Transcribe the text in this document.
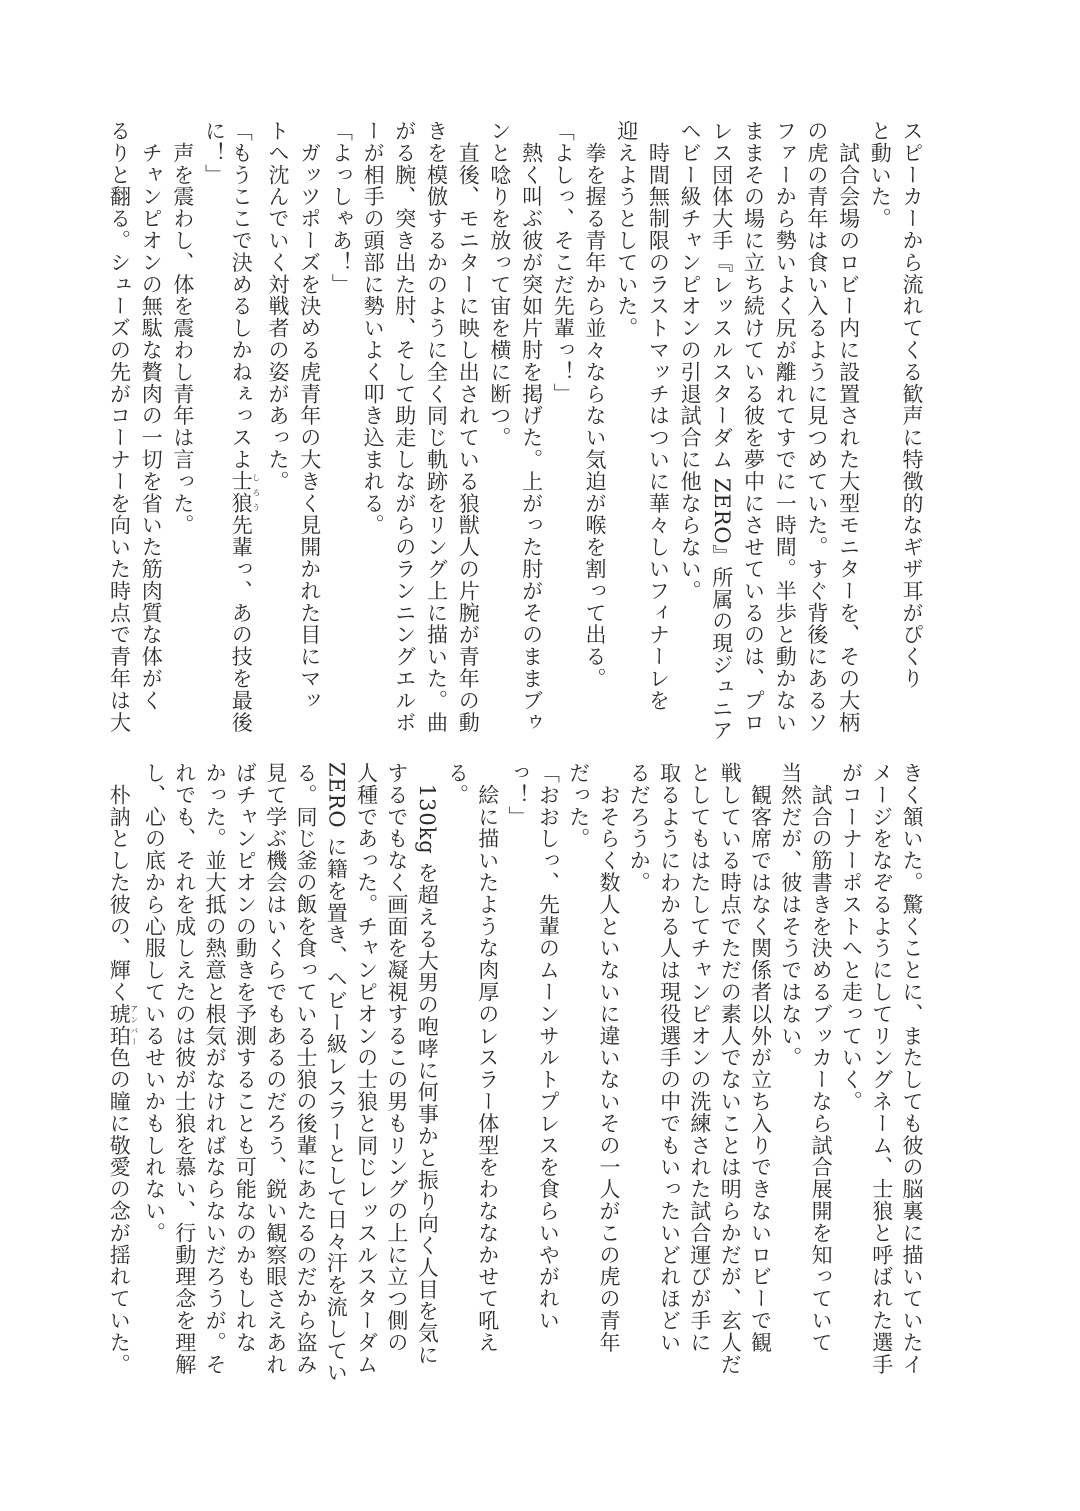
スピーカーから流れてくる歓声に特徴的なギザ耳がぴくり
と動いた。
　試合会場のロビー内に設置された大型モニターを、その大柄
の虎の青年は食い入るように見つめていた。すぐ背後にあるソ
ファーから勢いよく尻が離れてすでに一時間。半歩と動かない
ままその場に立ち続けている彼を夢中にさせているのは、プロ
レス団体大手『レッスルスターダム ZERO』所属の現ジュニア
ヘビー級チャンピオンの引退試合に他ならない。
　時間無制限のラストマッチはついに華々しいフィナーレを
迎えようとしていた。
　拳を握る青年から並々ならない気迫が喉を割って出る。
「よしっ、そこだ先輩っ！」
　熱く叫ぶ彼が突如片肘を掲げた。上がった肘がそのままブゥ
ンと唸りを放って宙を横に断つ。
　直後、モニターに映し出されている狼獣人の片腕が青年の動
きを模倣するかのように全く同じ軌跡をリング上に描いた。曲
がる腕、突き出た肘、そして助走しながらのランニングエルボ
ーが相手の頭部に勢いよく叩き込まれる。
「よっしゃあ！」
　ガッツポーズを決める虎青年の大きく見開かれた目にマッ
トへ沈んでいく対戦者の姿があった。
「もうここで決めるしかねぇっスよ士狼しろう先輩っ、あの技を最後
に！」
　声を震わし、体を震わし青年は言った。
　チャンピオンの無駄な贅肉の一切を省いた筋肉質な体がく
るりと翻る。シューズの先がコーナーを向いた時点で青年は大
きく頷いた。驚くことに、またしても彼の脳裏に描いていたイ
メージをなぞるようにしてリングネーム、士狼と呼ばれた選手
がコーナーポストへと走っていく。
　試合の筋書きを決めるブッカーなら試合展開を知っていて
当然だが、彼はそうではない。
　観客席ではなく関係者以外が立ち入りできないロビーで観
戦している時点でただの素人でないことは明らかだが、玄人だ
としてもはたしてチャンピオンの洗練された試合運びが手に
取るようにわかる人は現役選手の中でもいったいどれほどい
るだろうか。
　おそらく数人といないに違いないその一人がこの虎の青年
だった。
「おおしっ、先輩のムーンサルトプレスを食らいやがれい
っ！」
　絵に描いたような肉厚のレスラー体型をわななかせて吼え
る。
　130kg を超える大男の咆哮に何事かと振り向く人目を気に
するでもなく画面を凝視するこの男もリングの上に立つ側の
人種であった。チャンピオンの士狼と同じレッスルスターダム
ZERO に籍を置き、ヘビー級レスラーとして日々汗を流してい
る。同じ釜の飯を食っている士狼の後輩にあたるのだから盗み
見て学ぶ機会はいくらでもあるのだろう、鋭い観察眼さえあれ
ばチャンピオンの動きを予測することも可能なのかもしれな
かった。並大抵の熱意と根気がなければならないだろうが。そ
れでも、それを成しえたのは彼が士狼を慕い、行動理念を理解
し、心の底から心服しているせいかもしれない。
　朴訥とした彼の、輝く琥珀アンバー色の瞳に敬愛の念が揺れていた。
